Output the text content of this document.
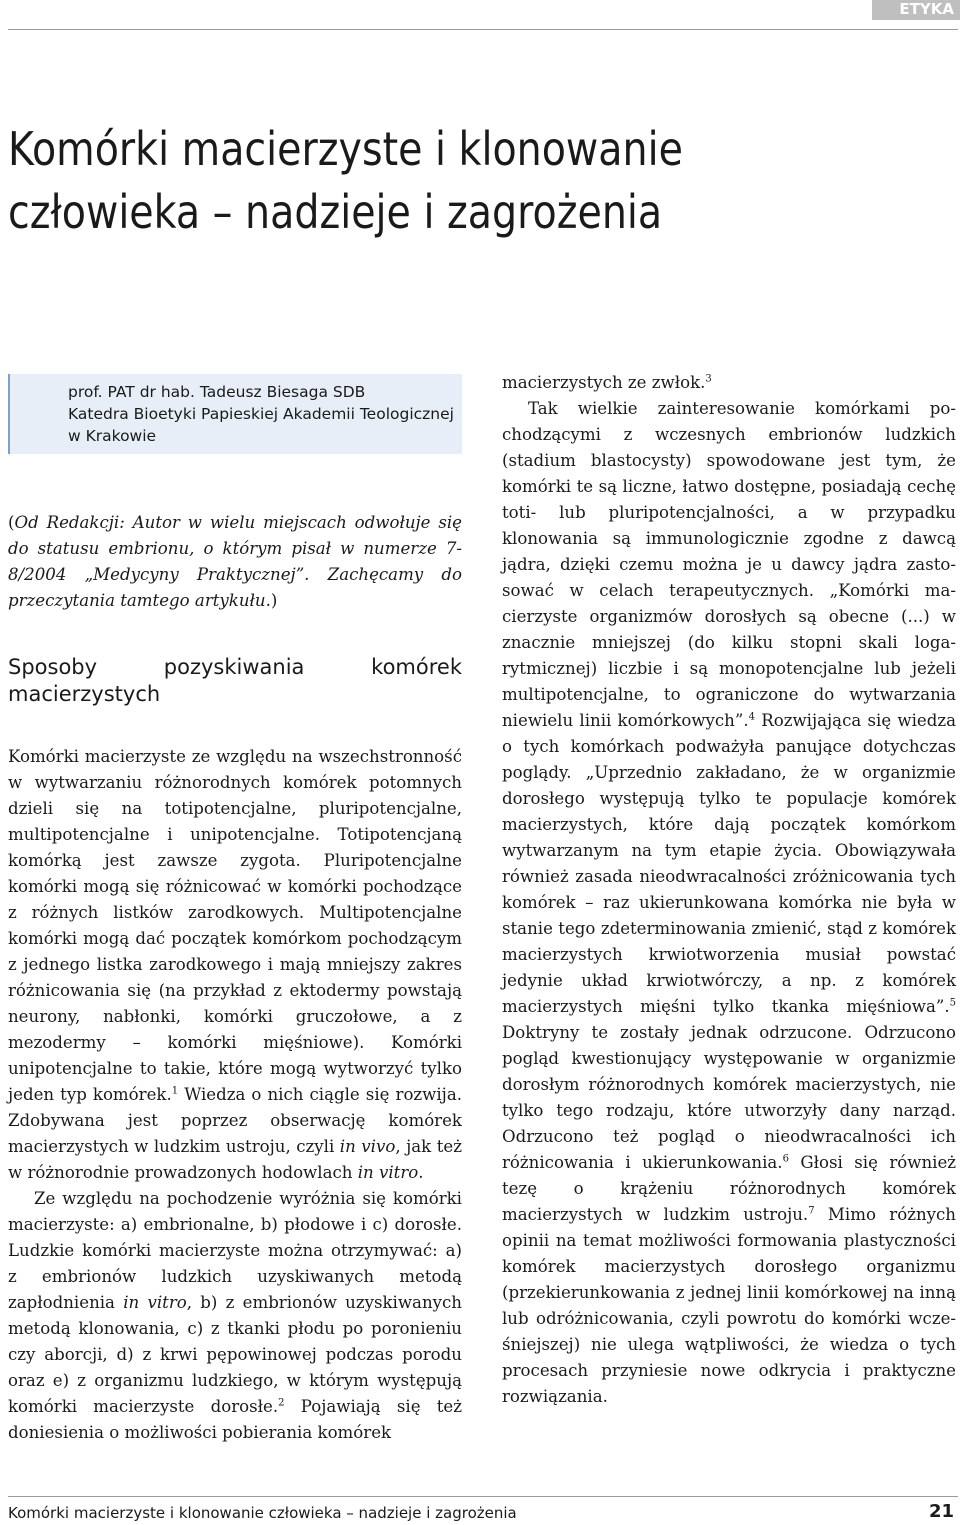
ETYKA
Komórki macierzyste i klonowanie
człowieka – nadzieje i zagrożenia
prof. PAT dr hab. Tadeusz Biesaga SDB
Katedra Bioetyki Papieskiej Akademii Teologicznej
w Krakowie

(Od Redakcji: Autor w wielu miejscach odwołuje się do statusu embrionu, o którym pisał w numerze 7-8/2004 „Medycyny Praktycznej”. Zachęcamy do przeczytania tamtego artykułu.)

Sposoby pozyskiwania komórek macierzystych

Komórki macierzyste ze względu na wszechstronność w wytwarzaniu różnorodnych komórek potomnych dzieli się na totipotencjalne, pluripotencjalne, multipotencjalne i unipotencjalne. Totipotencjaną komórką jest zawsze zygota. Pluripotencjalne komórki mogą się różnicować w komórki pochodzące z różnych listków zarodkowych. Multipotencjalne komórki mogą dać początek komórkom pochodzącym z jednego listka zarodkowego i mają mniejszy zakres różnicowania się (na przykład z ektodermy powstają neurony, nabłonki, komórki gruczołowe, a z mezodermy – komórki mięśniowe). Komórki unipotencjalne to takie, które mogą wytworzyć tylko jeden typ komórek.$^1$ Wiedza o nich ciągle się rozwija. Zdobywana jest poprzez obserwację komórek macierzystych w ludzkim ustroju, czyli in vivo, jak też w różnorodnie prowadzonych hodowlach in vitro.

Ze względu na pochodzenie wyróżnia się komórki macierzyste: a) embrionalne, b) płodowe i c) dorosłe. Ludzkie komórki macierzyste można otrzymywać: a) z embrionów ludzkich uzyskiwanych metodą zapłodnienia in vitro, b) z embrionów uzyskiwanych metodą klonowania, c) z tkanki płodu po poronieniu czy aborcji, d) z krwi pępowinowej podczas porodu oraz e) z organizmu ludzkiego, w którym występują komórki macierzyste dorosłe.$^2$ Pojawiają się też doniesienia o możliwości pobierania komórek

macierzystych ze zwłok.$^3$

Tak wielkie zainteresowanie komórkami pochodzącymi z wczesnych embrionów ludzkich (stadium blastocysty) spowodowane jest tym, że komórki te są liczne, łatwo dostępne, posiadają cechę toti- lub pluripotencjalności, a w przypadku klonowania są immunologicznie zgodne z dawcą jądra, dzięki czemu można je u dawcy jądra zastosować w celach terapeutycznych. „Komórki macierzyste organizmów dorosłych są obecne (...) w znacznie mniejszej (do kilku stopni skali logarytmicznej) liczbie i są monopotencjalne lub jeżeli multipotencjalne, to ograniczone do wytwarzania niewielu linii komórkowych”.$^4$ Rozwijająca się wiedza o tych komórkach podważyła panujące dotychczas poglądy. „Uprzednio zakładano, że w organizmie dorosłego występują tylko te populacje komórek macierzystych, które dają początek komórkom wytwarzanym na tym etapie życia. Obowiązywała również zasada nieodwracalności zróżnicowania tych komórek – raz ukierunkowana komórka nie była w stanie tego zdeterminowania zmienić, stąd z komórek macierzystych krwiotworzenia musiał powstać jedynie układ krwiotwórczy, a np. z komórek macierzystych mięśni tylko tkanka mięśniowa”.$^5$ Doktryny te zostały jednak odrzucone. Odrzucono pogląd kwestionujący występowanie w organizmie dorosłym różnorodnych komórek macierzystych, nie tylko tego rodzaju, które utworzyły dany narząd. Odrzucono też pogląd o nieodwracalności ich różnicowania i ukierunkowania.$^6$ Głosi się również tezę o krążeniu różnorodnych komórek macierzystych w ludzkim ustroju.$^7$ Mimo różnych opinii na temat możliwości formowania plastyczności komórek macierzystych dorosłego organizmu (przekierunkowania z jednej linii komórkowej na inną lub odróżnicowania, czyli powrotu do komórki wcześniejszej) nie ulega wątpliwości, że wiedza o tych procesach przyniesie nowe odkrycia i praktyczne rozwiązania.

Komórki macierzyste i klonowanie człowieka – nadzieje i zagrożenia	21
